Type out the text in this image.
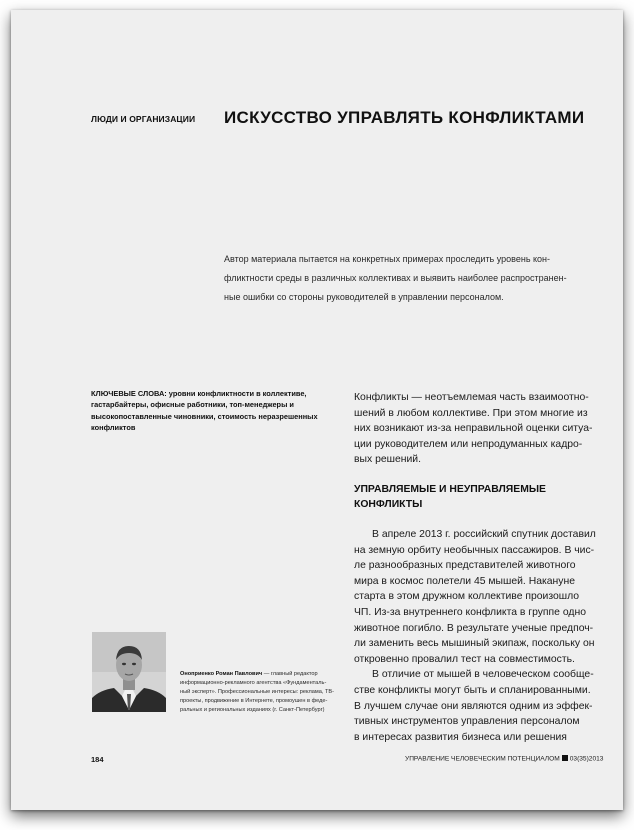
ЛЮДИ И ОРГАНИЗАЦИИ ИСКУССТВО УПРАВЛЯТЬ КОНФЛИКТАМИ
Автор материала пытается на конкретных примерах проследить уровень кон-
фликтности среды в различных коллективах и выявить наиболее распространен-
ные ошибки со стороны руководителей в управлении персоналом.
КЛЮЧЕВЫЕ СЛОВА: уровни конфликтности в коллективе,
гастарбайтеры, офисные работники, топ-менеджеры и
высокопоставленные чиновники, стоимость неразрешенных
конфликтов
Конфликты — неотъемлемая часть взаимоотно-
шений в любом коллективе. При этом многие из
них возникают из-за неправильной оценки ситуа-
ции руководителем или непродуманных кадро-
вых решений.
УПРАВЛЯЕМЫЕ И НЕУПРАВЛЯЕМЫЕ
КОНФЛИКТЫ
В апреле 2013 г. российский спутник доставил
на земную орбиту необычных пассажиров. В чис-
ле разнообразных представителей животного
мира в космос полетели 45 мышей. Накануне
старта в этом дружном коллективе произошло
ЧП. Из-за внутреннего конфликта в группе одно
животное погибло. В результате ученые предпоч-
ли заменить весь мышиный экипаж, поскольку он
откровенно провалил тест на совместимость.
В отличие от мышей в человеческом сообще-
стве конфликты могут быть и спланированными.
В лучшем случае они являются одним из эффек-
тивных инструментов управления персоналом
в интересах развития бизнеса или решения
Оноприенко Роман Павлович — главный редактор
информационно-рекламного агентства «Фундаменталь-
ный эксперт». Профессиональные интересы: реклама, ТВ-
проекты, продвижение в Интернете, промоушен в феде-
ральных и региональных изданиях (г. Санкт-Петербург)
184	УПРАВЛЕНИЕ ЧЕЛОВЕЧЕСКИМ ПОТЕНЦИАЛОМ 03(35)2013
